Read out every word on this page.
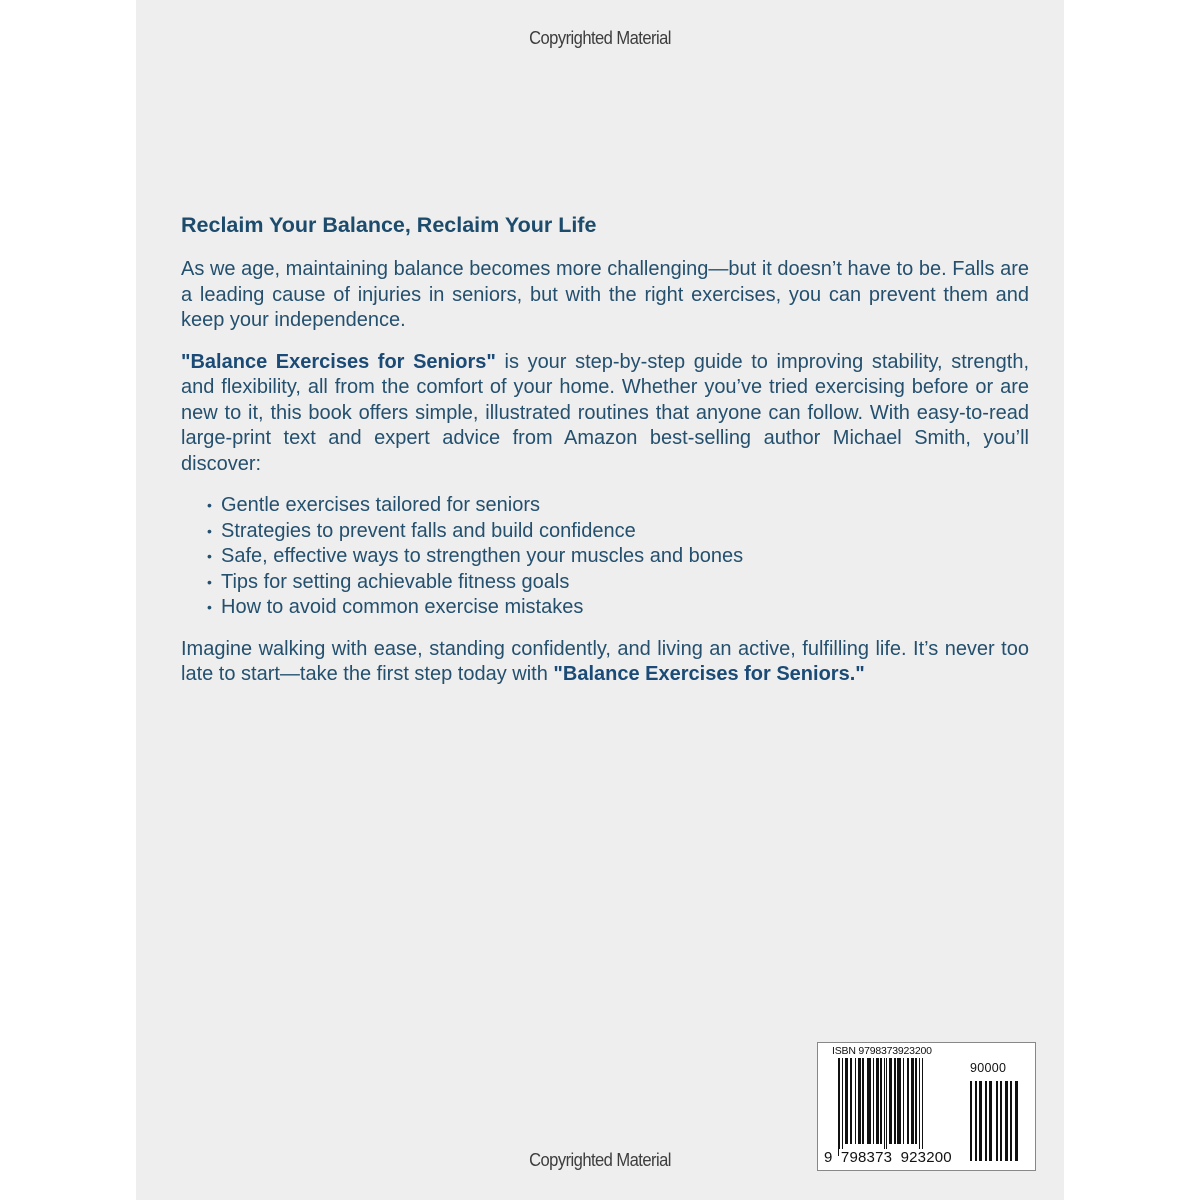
Copyrighted Material
Reclaim Your Balance, Reclaim Your Life

As we age, maintaining balance becomes more challenging—but it doesn’t have to be. Falls are a leading cause of injuries in seniors, but with the right exercises, you can prevent them and keep your independence.

"Balance Exercises for Seniors" is your step-by-step guide to improving stability, strength, and flexibility, all from the comfort of your home. Whether you’ve tried exercising before or are new to it, this book offers simple, illustrated routines that anyone can follow. With easy-to-read large-print text and expert advice from Amazon best-selling author Michael Smith, you’ll discover:

• Gentle exercises tailored for seniors
• Strategies to prevent falls and build confidence
• Safe, effective ways to strengthen your muscles and bones
• Tips for setting achievable fitness goals
• How to avoid common exercise mistakes

Imagine walking with ease, standing confidently, and living an active, fulfilling life. It’s never too late to start—take the first step today with "Balance Exercises for Seniors."

ISBN 9798373923200
90000
9 798373 923200
Copyrighted Material
